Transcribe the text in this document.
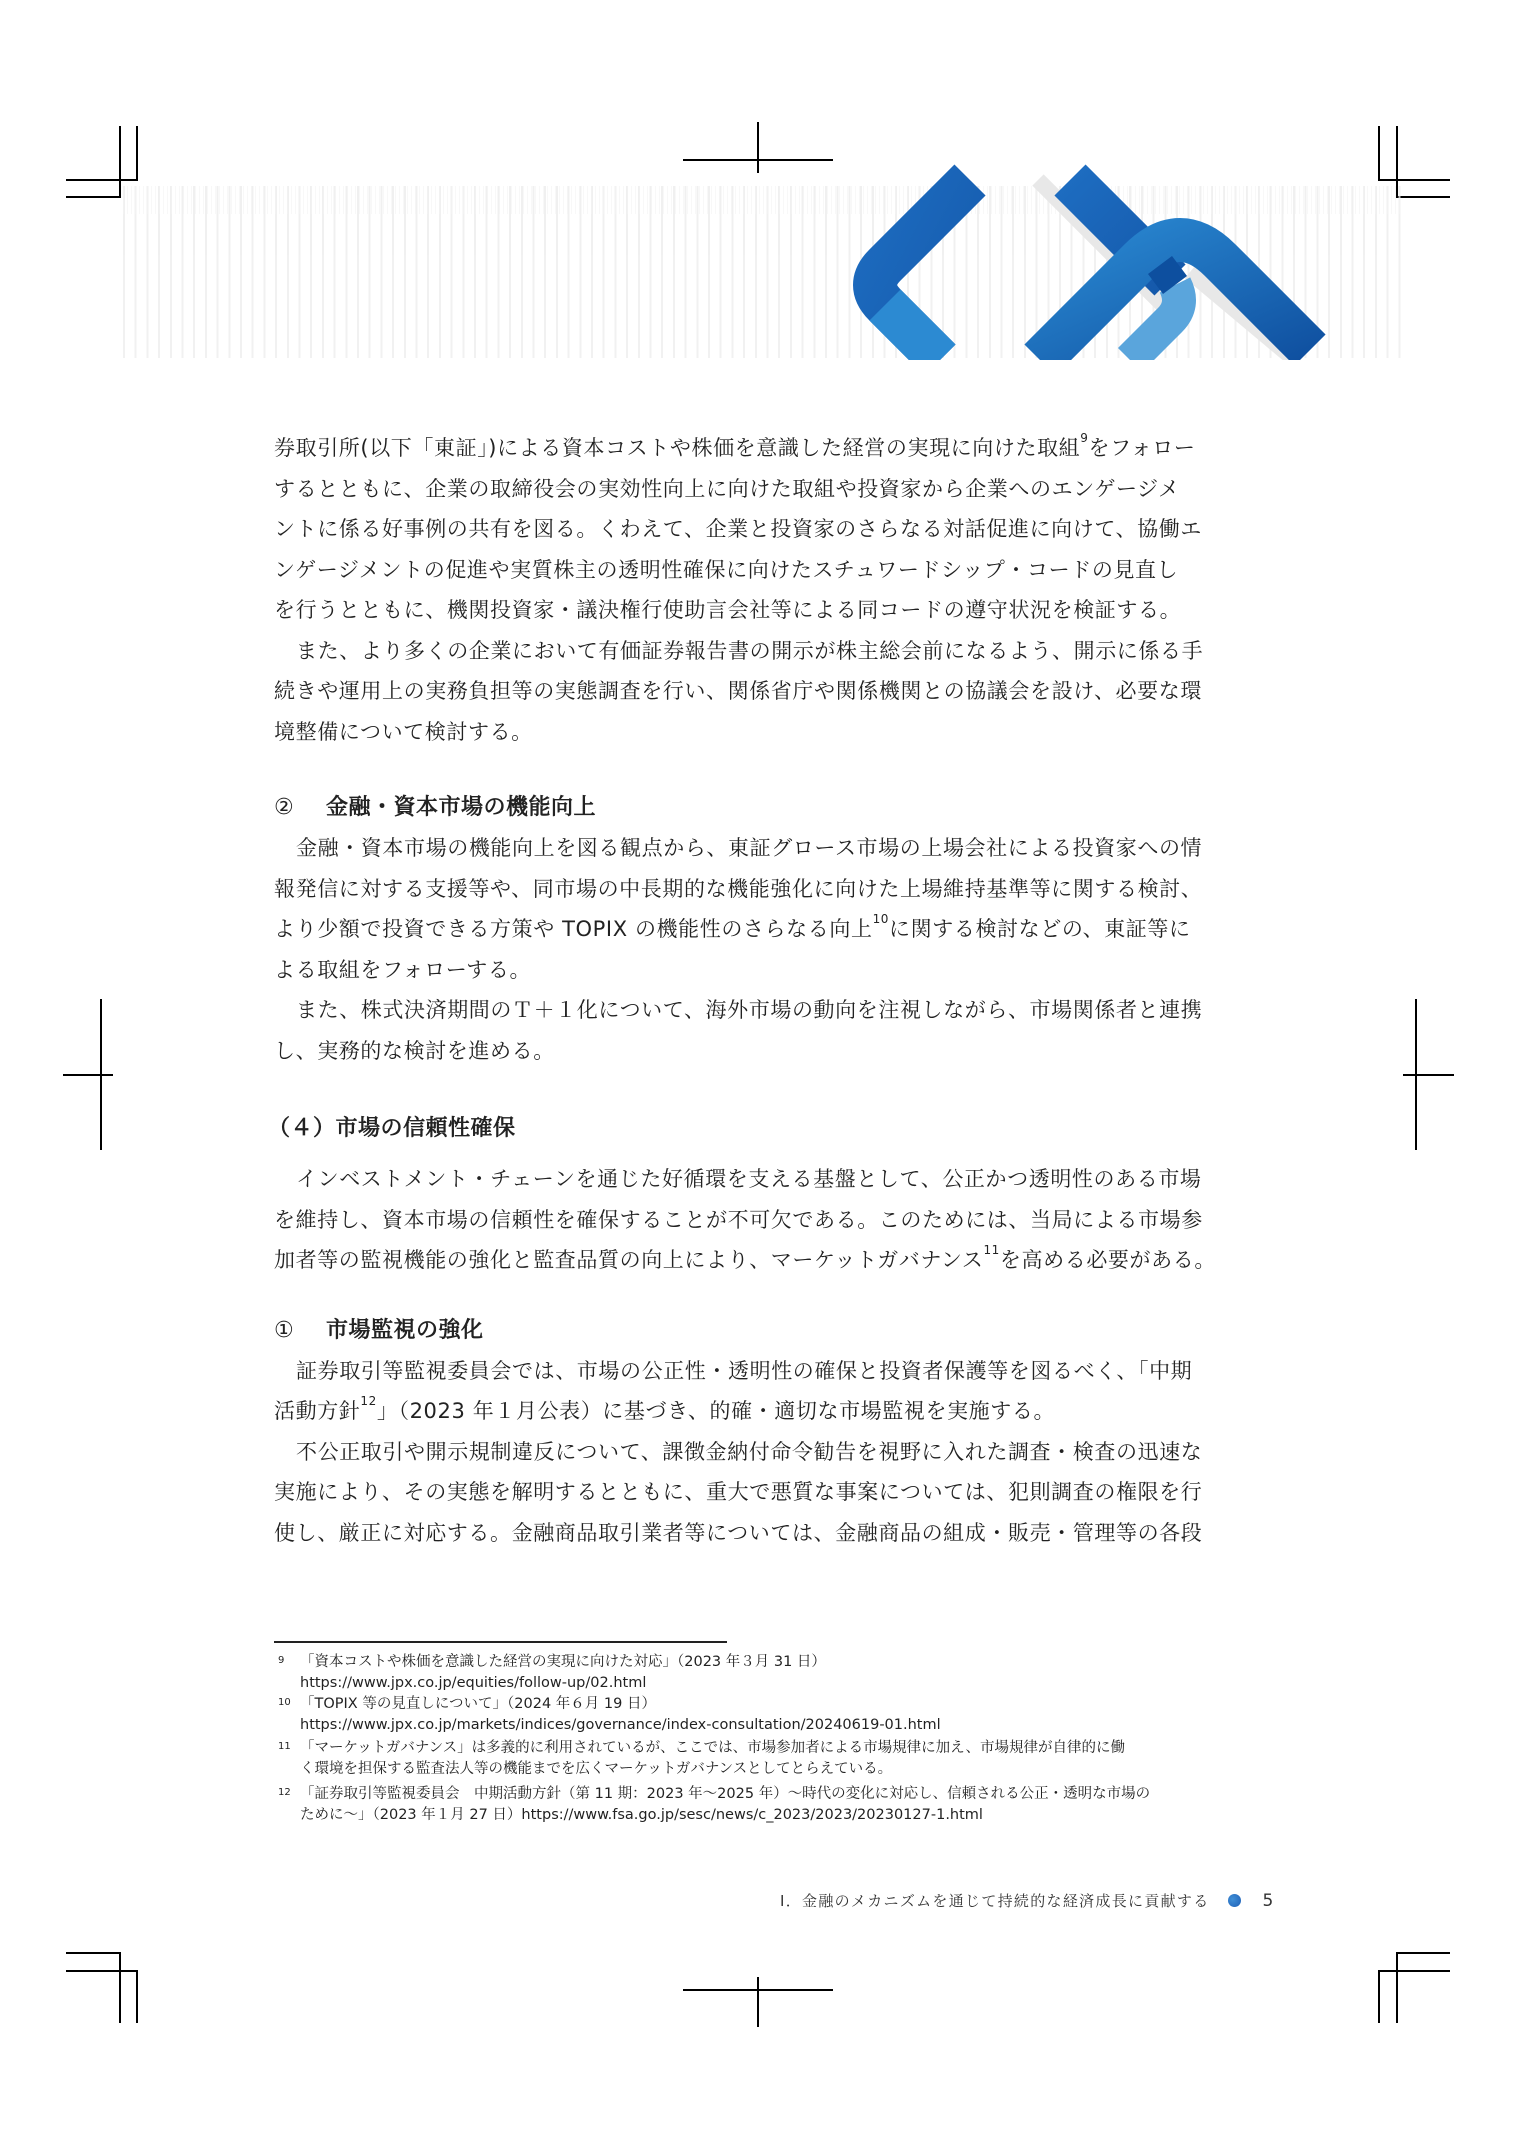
券取引所(以下「東証」)による資本コストや株価を意識した経営の実現に向けた取組$^9$をフォロー
するとともに、企業の取締役会の実効性向上に向けた取組や投資家から企業へのエンゲージメ
ントに係る好事例の共有を図る。くわえて、企業と投資家のさらなる対話促進に向けて、協働エ
ンゲージメントの促進や実質株主の透明性確保に向けたスチュワードシップ・コードの見直し
を行うとともに、機関投資家・議決権行使助言会社等による同コードの遵守状況を検証する。

また、より多くの企業において有価証券報告書の開示が株主総会前になるよう、開示に係る手
続きや運用上の実務負担等の実態調査を行い、関係省庁や関係機関との協議会を設け、必要な環
境整備について検討する。

② 金融・資本市場の機能向上

金融・資本市場の機能向上を図る観点から、東証グロース市場の上場会社による投資家への情
報発信に対する支援等や、同市場の中長期的な機能強化に向けた上場維持基準等に関する検討、
より少額で投資できる方策や TOPIX の機能性のさらなる向上$^{10}$に関する検討などの、東証等に
よる取組をフォローする。

また、株式決済期間のＴ＋１化について、海外市場の動向を注視しながら、市場関係者と連携
し、実務的な検討を進める。

（４）市場の信頼性確保

インベストメント・チェーンを通じた好循環を支える基盤として、公正かつ透明性のある市場
を維持し、資本市場の信頼性を確保することが不可欠である。このためには、当局による市場参
加者等の監視機能の強化と監査品質の向上により、マーケットガバナンス$^{11}$を高める必要がある。

① 市場監視の強化

証券取引等監視委員会では、市場の公正性・透明性の確保と投資者保護等を図るべく、「中期
活動方針$^{12}$」（2023 年１月公表）に基づき、的確・適切な市場監視を実施する。

不公正取引や開示規制違反について、課徴金納付命令勧告を視野に入れた調査・検査の迅速な
実施により、その実態を解明するとともに、重大で悪質な事案については、犯則調査の権限を行
使し、厳正に対応する。金融商品取引業者等については、金融商品の組成・販売・管理等の各段

9 「資本コストや株価を意識した経営の実現に向けた対応」（2023 年３月 31 日）
https://www.jpx.co.jp/equities/follow-up/02.html

10 「TOPIX 等の見直しについて」（2024 年６月 19 日）
https://www.jpx.co.jp/markets/indices/governance/index-consultation/20240619-01.html

11 「マーケットガバナンス」は多義的に利用されているが、ここでは、市場参加者による市場規律に加え、市場規律が自律的に働
く環境を担保する監査法人等の機能までを広くマーケットガバナンスとしてとらえている。

12 「証券取引等監視委員会　中期活動方針（第 11 期：2023 年～2025 年）～時代の変化に対応し、信頼される公正・透明な市場の
ために～」（2023 年１月 27 日）https://www.fsa.go.jp/sesc/news/c_2023/2023/20230127-1.html

Ⅰ．金融のメカニズムを通じて持続的な経済成長に貢献する	5
